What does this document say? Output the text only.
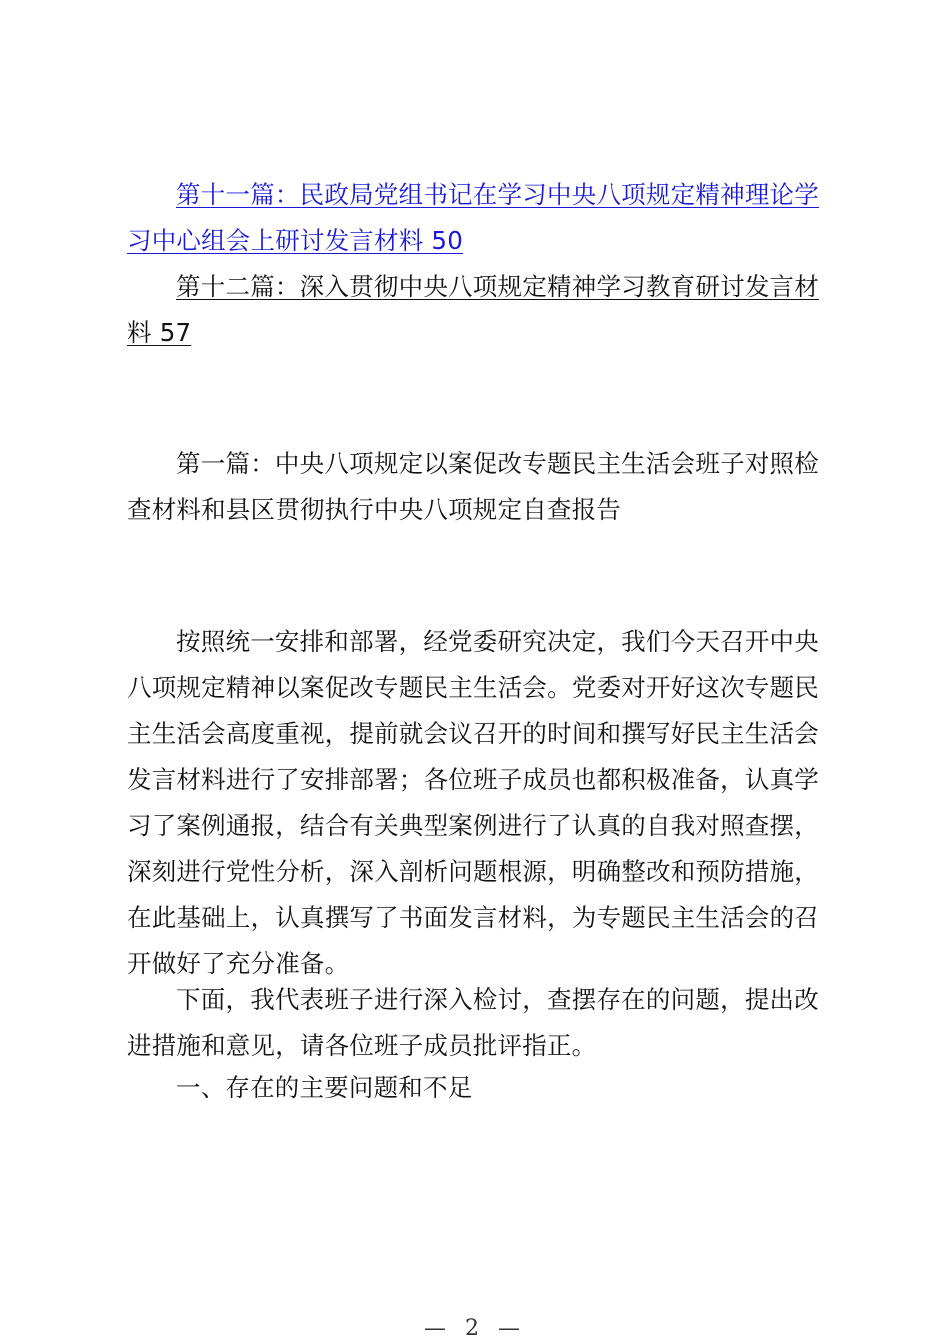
第十一篇：民政局党组书记在学习中央八项规定精神理论学习中心组会上研讨发言材料 50

第十二篇：深入贯彻中央八项规定精神学习教育研讨发言材料 57

第一篇：中央八项规定以案促改专题民主生活会班子对照检查材料和县区贯彻执行中央八项规定自查报告

按照统一安排和部署，经党委研究决定，我们今天召开中央八项规定精神以案促改专题民主生活会。党委对开好这次专题民主生活会高度重视，提前就会议召开的时间和撰写好民主生活会发言材料进行了安排部署；各位班子成员也都积极准备，认真学习了案例通报，结合有关典型案例进行了认真的自我对照查摆，深刻进行党性分析，深入剖析问题根源，明确整改和预防措施，在此基础上，认真撰写了书面发言材料，为专题民主生活会的召开做好了充分准备。

下面，我代表班子进行深入检讨，查摆存在的问题，提出改进措施和意见，请各位班子成员批评指正。

一、存在的主要问题和不足

— 2 —
